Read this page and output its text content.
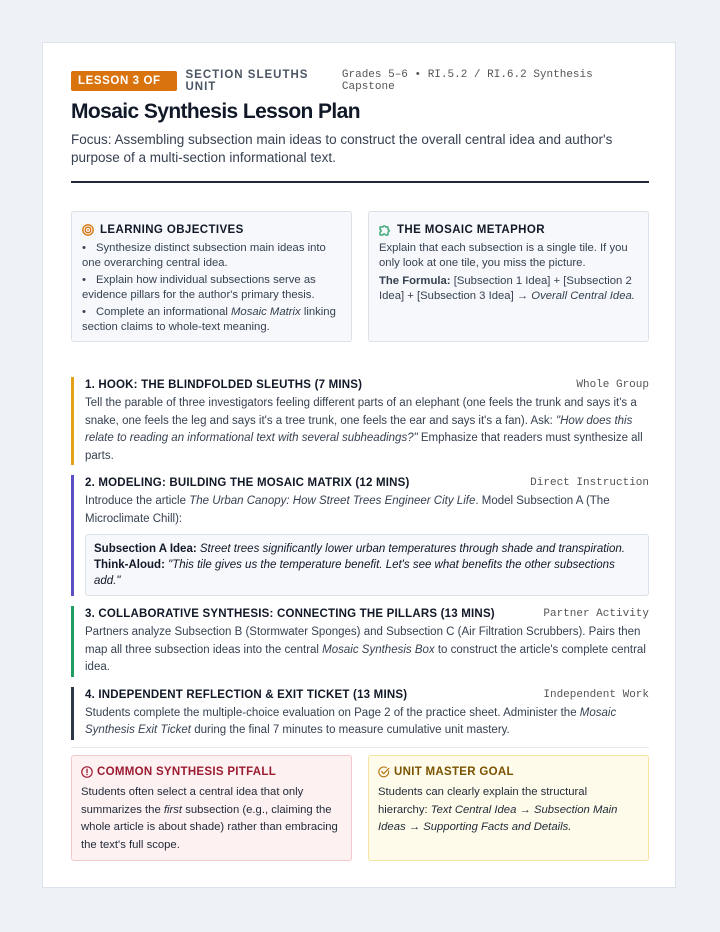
LESSON 3 OF 3
SECTION SLEUTHS UNIT
Grades 5–6 • RI.5.2 / RI.6.2 Synthesis Capstone
Mosaic Synthesis Lesson Plan
Focus: Assembling subsection main ideas to construct the overall central idea and author's purpose of a multi-section informational text.
LEARNING OBJECTIVES
• Synthesize distinct subsection main ideas into one overarching central idea.
• Explain how individual subsections serve as evidence pillars for the author's primary thesis.
• Complete an informational Mosaic Matrix linking section claims to whole-text meaning.
THE MOSAIC METAPHOR

Explain that each subsection is a single tile. If you only look at one tile, you miss the picture.

The Formula: [Subsection 1 Idea] + [Subsection 2 Idea] + [Subsection 3 Idea] → Overall Central Idea.

1. HOOK: THE BLINDFOLDED SLEUTHS (7 MINS)	Whole Group
Tell the parable of three investigators feeling different parts of an elephant (one feels the trunk and says it's a snake, one feels the leg and says it's a tree trunk, one feels the ear and says it's a fan). Ask: "How does this relate to reading an informational text with several subheadings?" Emphasize that readers must synthesize all parts.
2. MODELING: BUILDING THE MOSAIC MATRIX (12 MINS)	Direct Instruction
Introduce the article The Urban Canopy: How Street Trees Engineer City Life. Model Subsection A (The Microclimate Chill):
Subsection A Idea: Street trees significantly lower urban temperatures through shade and transpiration.
Think-Aloud: "This tile gives us the temperature benefit. Let's see what benefits the other subsections add."
3. COLLABORATIVE SYNTHESIS: CONNECTING THE PILLARS (13 MINS)	Partner Activity
Partners analyze Subsection B (Stormwater Sponges) and Subsection C (Air Filtration Scrubbers). Pairs then map all three subsection ideas into the central Mosaic Synthesis Box to construct the article's complete central idea.
4. INDEPENDENT REFLECTION & EXIT TICKET (13 MINS)	Independent Work
Students complete the multiple-choice evaluation on Page 2 of the practice sheet. Administer the Mosaic Synthesis Exit Ticket during the final 7 minutes to measure cumulative unit mastery.
COMMON SYNTHESIS PITFALL

Students often select a central idea that only summarizes the first subsection (e.g., claiming the whole article is about shade) rather than embracing the text's full scope.

UNIT MASTER GOAL

Students can clearly explain the structural hierarchy: Text Central Idea → Subsection Main Ideas → Supporting Facts and Details.
